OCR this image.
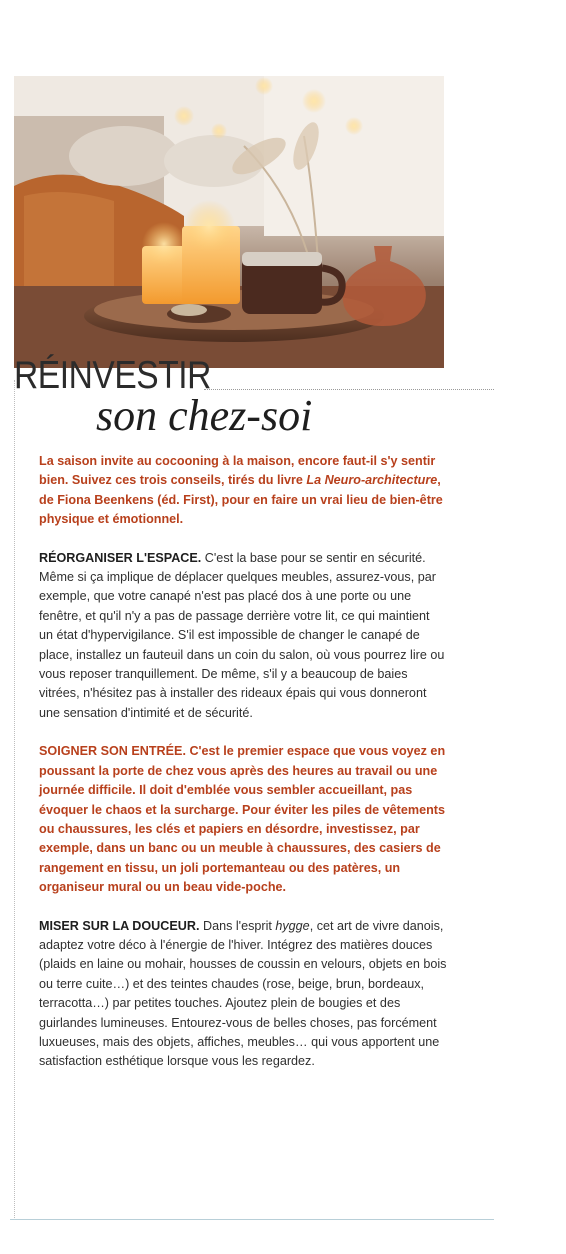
RÉINVESTIR
son chez-soi

La saison invite au cocooning à la maison, encore faut-il s'y sentir bien. Suivez ces trois conseils, tirés du livre La Neuro-architecture, de Fiona Beenkens (éd. First), pour en faire un vrai lieu de bien-être physique et émotionnel.

RÉORGANISER L'ESPACE. C'est la base pour se sentir en sécurité. Même si ça implique de déplacer quelques meubles, assurez-vous, par exemple, que votre canapé n'est pas placé dos à une porte ou une fenêtre, et qu'il n'y a pas de passage derrière votre lit, ce qui maintient un état d'hypervigilance. S'il est impossible de changer le canapé de place, installez un fauteuil dans un coin du salon, où vous pourrez lire ou vous reposer tranquillement. De même, s'il y a beaucoup de baies vitrées, n'hésitez pas à installer des rideaux épais qui vous donneront une sensation d'intimité et de sécurité.

SOIGNER SON ENTRÉE. C'est le premier espace que vous voyez en poussant la porte de chez vous après des heures au travail ou une journée difficile. Il doit d'emblée vous sembler accueillant, pas évoquer le chaos et la surcharge. Pour éviter les piles de vêtements ou chaussures, les clés et papiers en désordre, investissez, par exemple, dans un banc ou un meuble à chaussures, des casiers de rangement en tissu, un joli portemanteau ou des patères, un organiseur mural ou un beau vide-poche.

MISER SUR LA DOUCEUR. Dans l'esprit hygge, cet art de vivre danois, adaptez votre déco à l'énergie de l'hiver. Intégrez des matières douces (plaids en laine ou mohair, housses de coussin en velours, objets en bois ou terre cuite…) et des teintes chaudes (rose, beige, brun, bordeaux, terracotta…) par petites touches. Ajoutez plein de bougies et des guirlandes lumineuses. Entourez-vous de belles choses, pas forcément luxueuses, mais des objets, affiches, meubles… qui vous apportent une satisfaction esthétique lorsque vous les regardez.
